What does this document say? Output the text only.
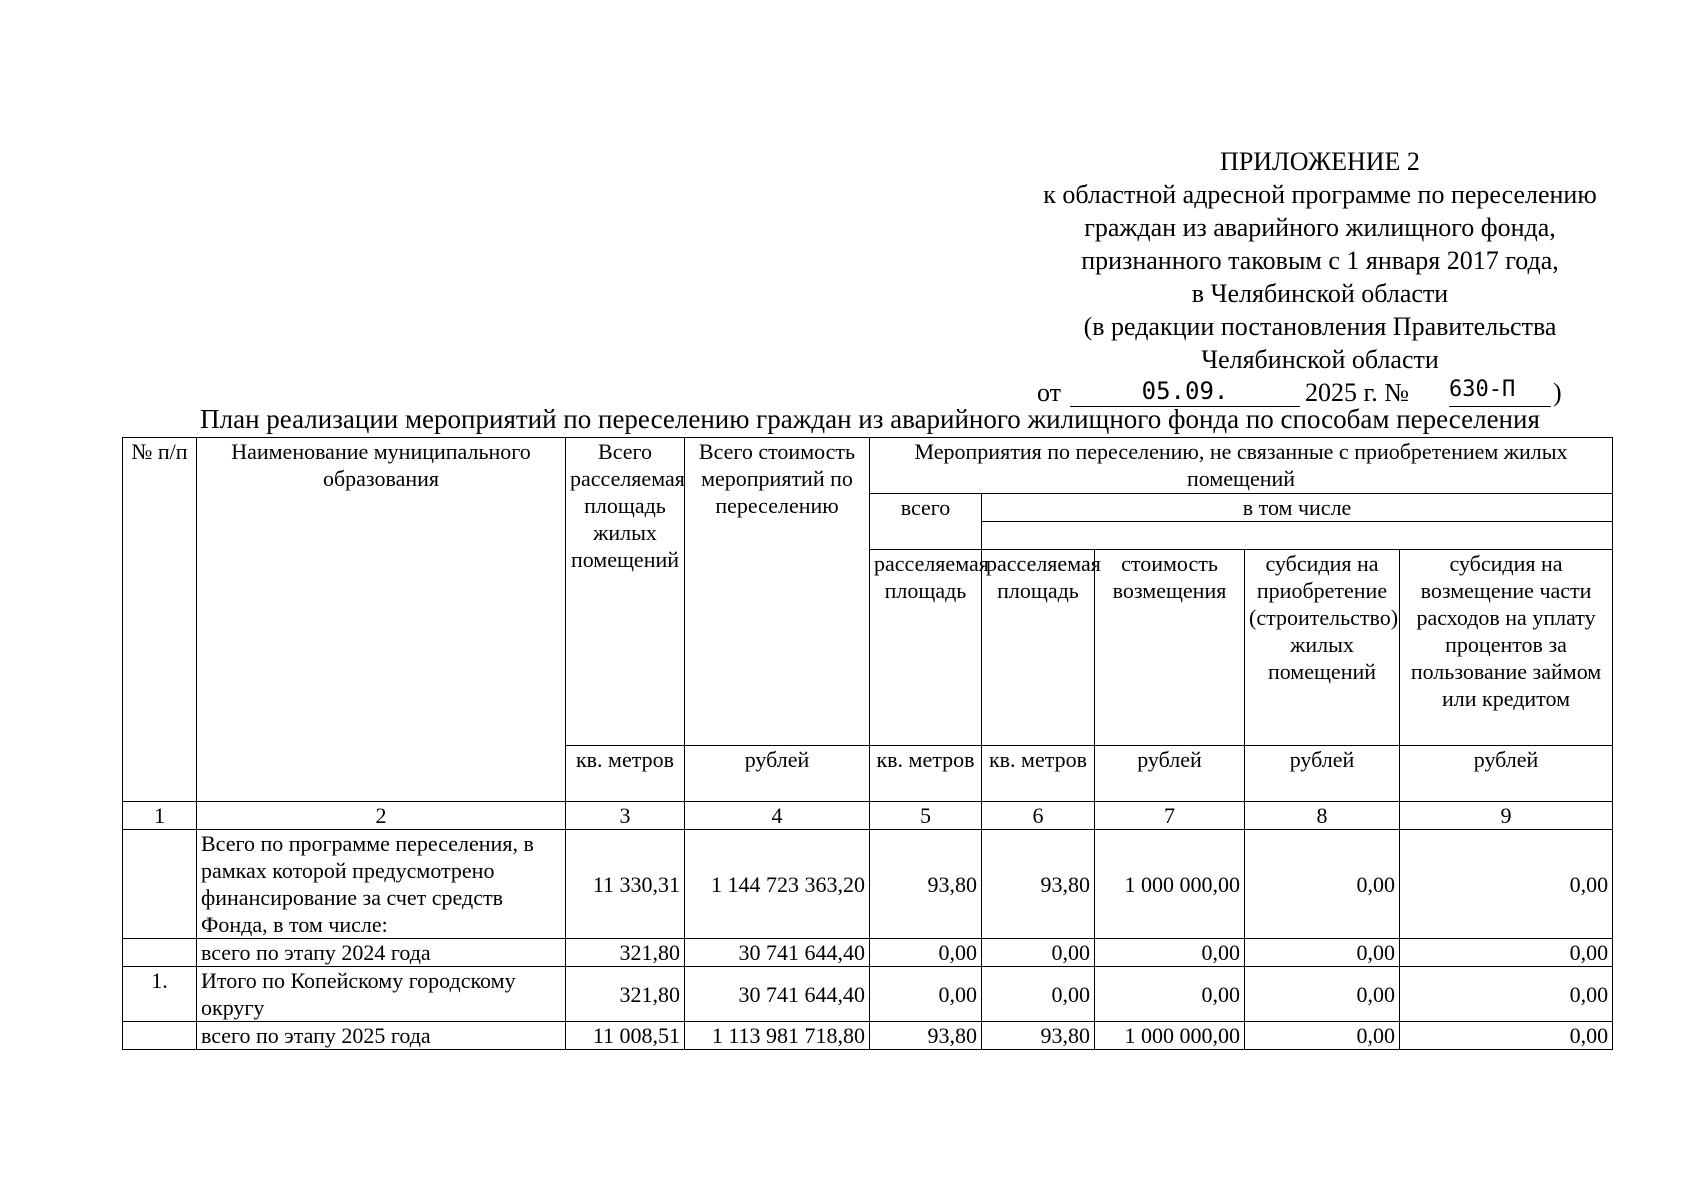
ПРИЛОЖЕНИЕ 2
к областной адресной программе по переселению
граждан из аварийного жилищного фонда,
признанного таковым с 1 января 2017 года,
в Челябинской области
(в редакции постановления Правительства
Челябинской области
от	05.09.	2025 г. № 630-П	)
План реализации мероприятий по переселению граждан из аварийного жилищного фонда по способам переселения
№ п/п	Наименование муниципального образования	Всего расселяемая площадь жилых помещений	Всего стоимость мероприятий по переселению	Мероприятия по переселению, не связанные с приобретением жилых помещений				
				всего	в том числе			

				расселяемая площадь	расселяемая площадь	стоимость возмещения	субсидия на приобретение (строительство) жилых помещений	субсидия на возмещение части расходов на уплату процентов за пользование займом или кредитом
		кв. метров	рублей	кв. метров	кв. метров	рублей	рублей	рублей
1	2	3	4	5	6	7	8	9
	Всего по программе переселения, в рамках которой предусмотрено финансирование за счет средств Фонда, в том числе:	11 330,31	1 144 723 363,20	93,80	93,80	1 000 000,00	0,00	0,00
	всего по этапу 2024 года	321,80	30 741 644,40	0,00	0,00	0,00	0,00	0,00
1.	Итого по Копейскому городскому округу	321,80	30 741 644,40	0,00	0,00	0,00	0,00	0,00
	всего по этапу 2025 года	11 008,51	1 113 981 718,80	93,80	93,80	1 000 000,00	0,00	0,00
